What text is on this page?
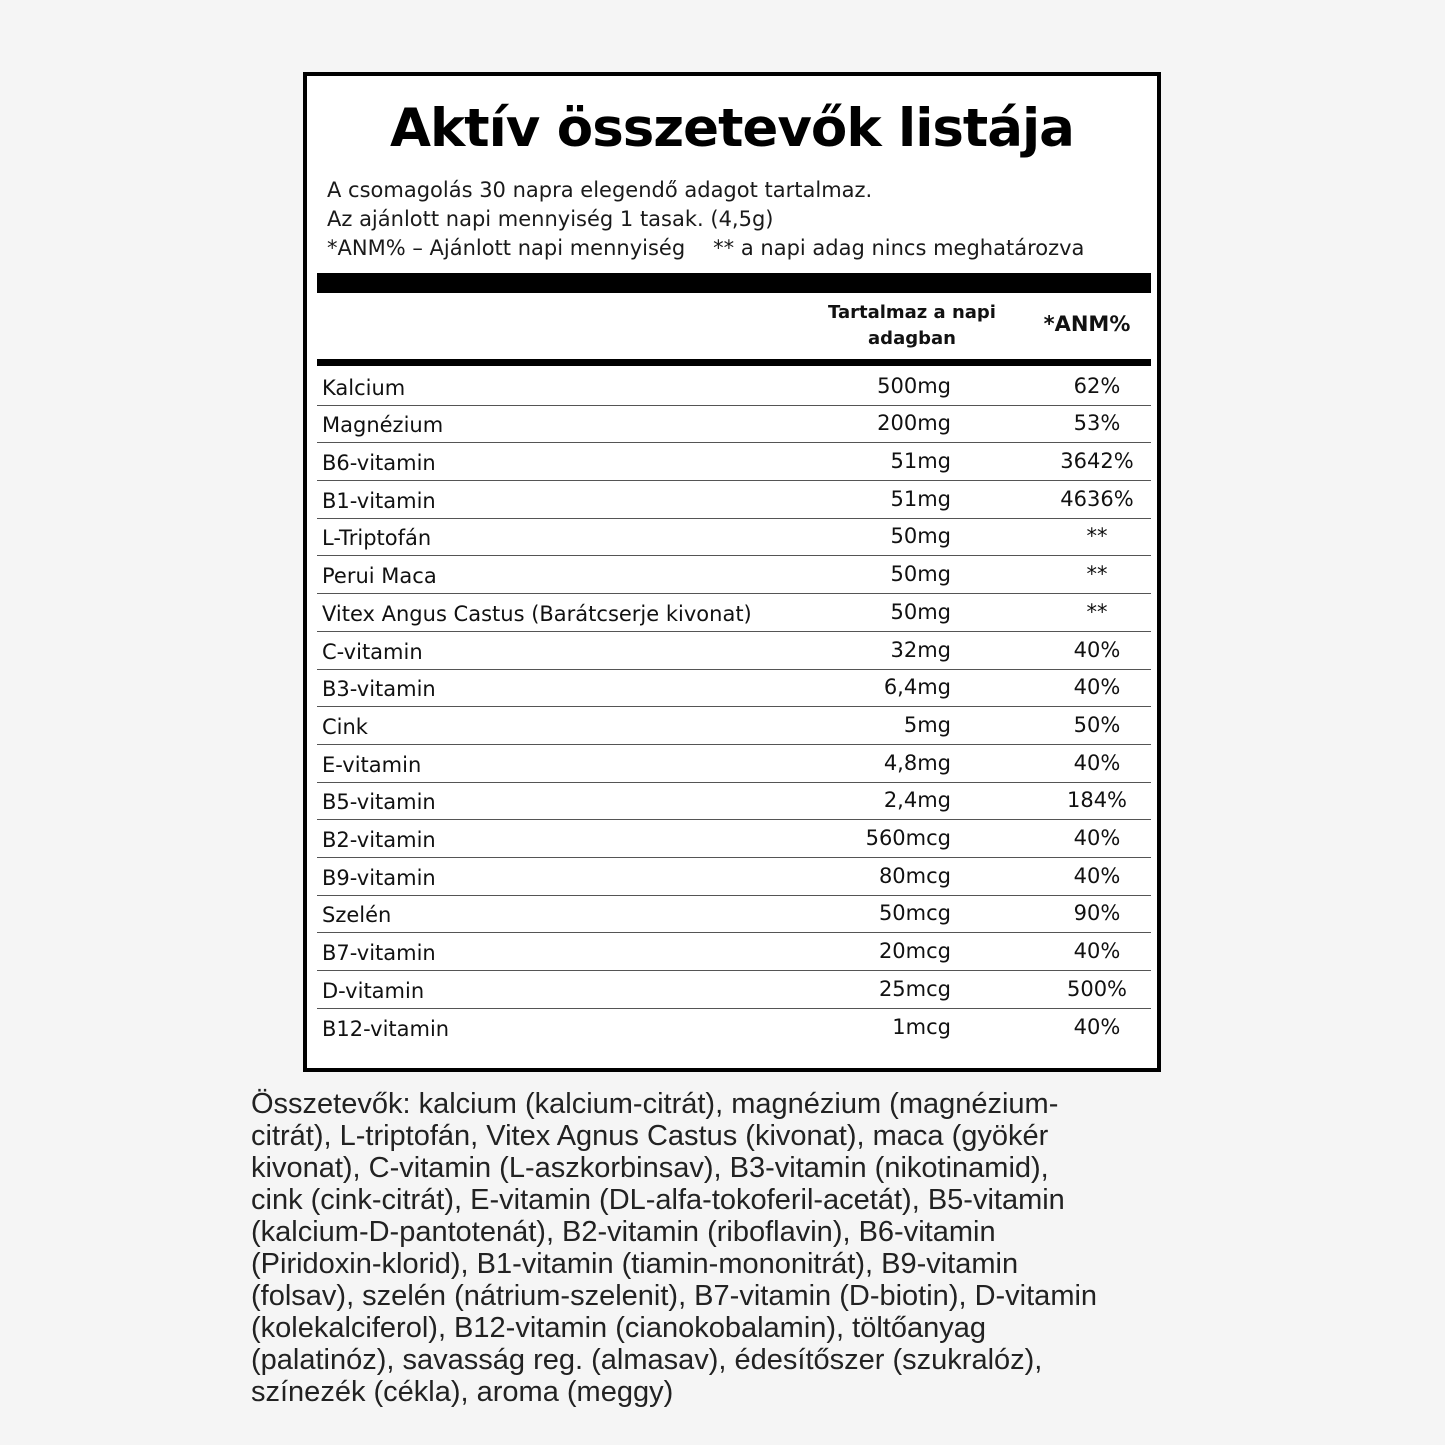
Aktív összetevők listája
A csomagolás 30 napra elegendő adagot tartalmaz.
Az ajánlott napi mennyiség 1 tasak. (4,5g)
*ANM% – Ajánlott napi mennyiség ** a napi adag nincs meghatározva
Tartalmaz a napi adagban
*ANM%
Kalcium	500mg	62%
Magnézium	200mg	53%
B6-vitamin	51mg	3642%
B1-vitamin	51mg	4636%
L-Triptofán	50mg	**
Perui Maca	50mg	**
Vitex Angus Castus (Barátcserje kivonat)	50mg	**
C-vitamin	32mg	40%
B3-vitamin	6,4mg	40%
Cink	5mg	50%
E-vitamin	4,8mg	40%
B5-vitamin	2,4mg	184%
B2-vitamin	560mcg	40%
B9-vitamin	80mcg	40%
Szelén	50mcg	90%
B7-vitamin	20mcg	40%
D-vitamin	25mcg	500%
B12-vitamin	1mcg	40%
Összetevők: kalcium (kalcium-citrát), magnézium (magnézium-
citrát), L-triptofán, Vitex Agnus Castus (kivonat), maca (gyökér
kivonat), C-vitamin (L-aszkorbinsav), B3-vitamin (nikotinamid),
cink (cink-citrát), E-vitamin (DL-alfa-tokoferil-acetát), B5-vitamin
(kalcium-D-pantotenát), B2-vitamin (riboflavin), B6-vitamin
(Piridoxin-klorid), B1-vitamin (tiamin-mononitrát), B9-vitamin
(folsav), szelén (nátrium-szelenit), B7-vitamin (D-biotin), D-vitamin
(kolekalciferol), B12-vitamin (cianokobalamin), töltőanyag
(palatinóz), savasság reg. (almasav), édesítőszer (szukralóz),
színezék (cékla), aroma (meggy)
